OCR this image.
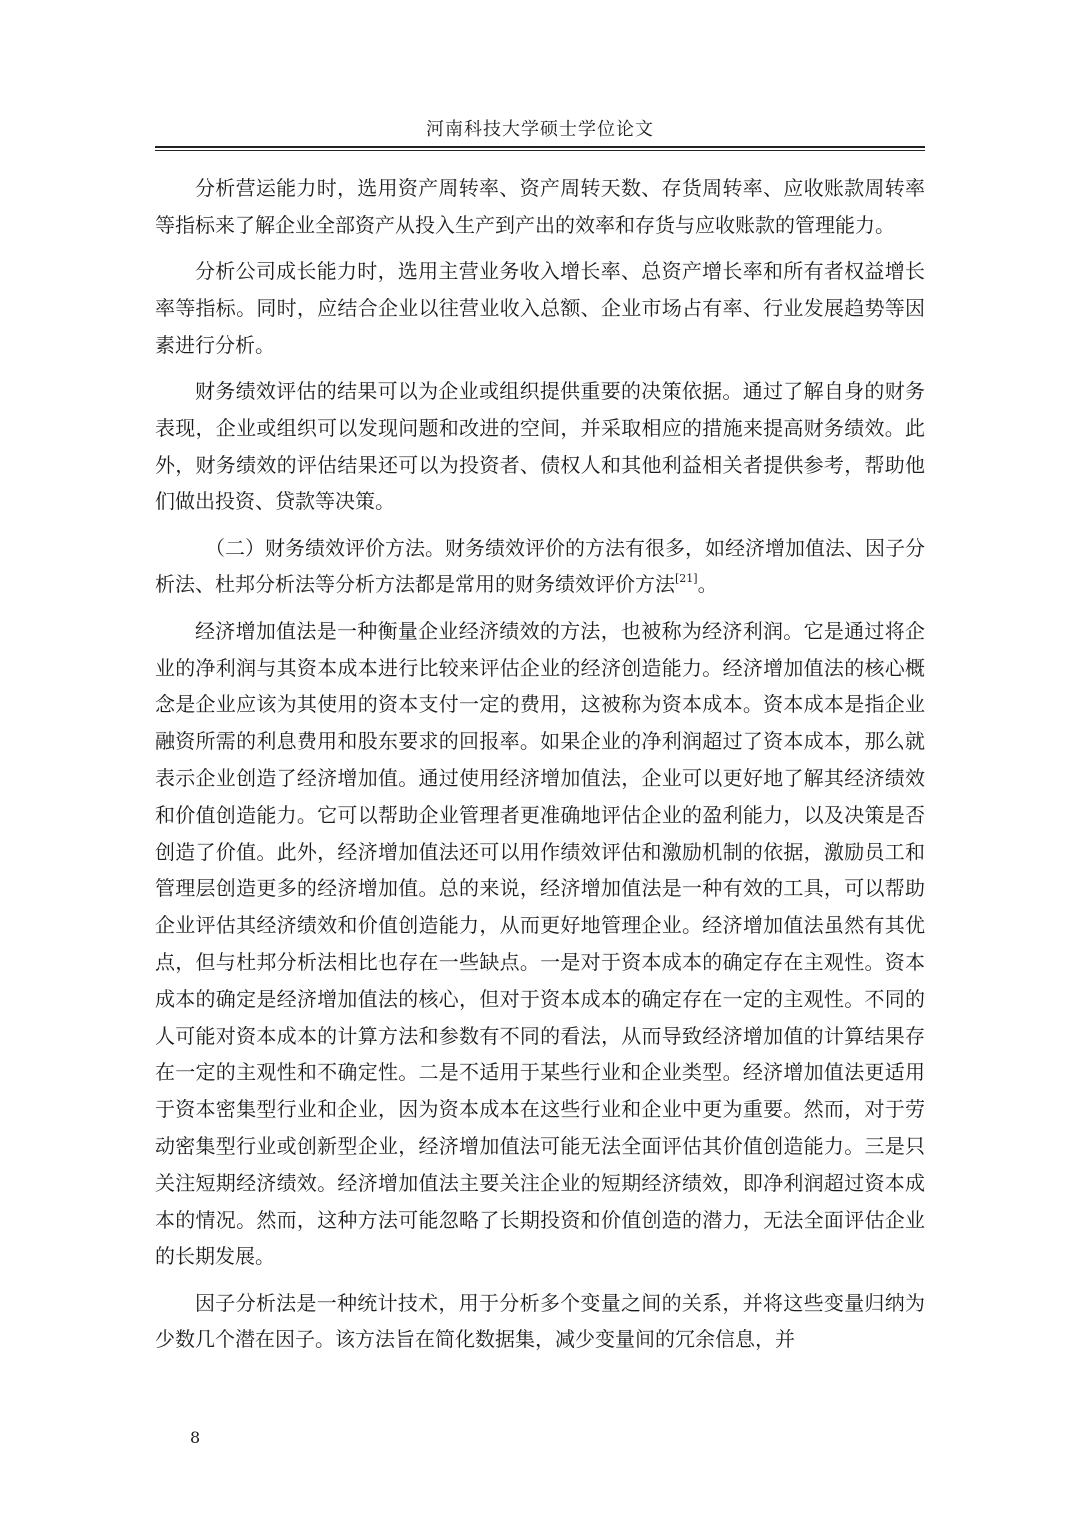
河南科技大学硕士学位论文

分析营运能力时，选用资产周转率、资产周转天数、存货周转率、应收账款周转率等指标来了解企业全部资产从投入生产到产出的效率和存货与应收账款的管理能力。

分析公司成长能力时，选用主营业务收入增长率、总资产增长率和所有者权益增长率等指标。同时，应结合企业以往营业收入总额、企业市场占有率、行业发展趋势等因素进行分析。

财务绩效评估的结果可以为企业或组织提供重要的决策依据。通过了解自身的财务表现，企业或组织可以发现问题和改进的空间，并采取相应的措施来提高财务绩效。此外，财务绩效的评估结果还可以为投资者、债权人和其他利益相关者提供参考，帮助他们做出投资、贷款等决策。

（二）财务绩效评价方法。财务绩效评价的方法有很多，如经济增加值法、因子分析法、杜邦分析法等分析方法都是常用的财务绩效评价方法[21]。

经济增加值法是一种衡量企业经济绩效的方法，也被称为经济利润。它是通过将企业的净利润与其资本成本进行比较来评估企业的经济创造能力。经济增加值法的核心概念是企业应该为其使用的资本支付一定的费用，这被称为资本成本。资本成本是指企业融资所需的利息费用和股东要求的回报率。如果企业的净利润超过了资本成本，那么就表示企业创造了经济增加值。通过使用经济增加值法，企业可以更好地了解其经济绩效和价值创造能力。它可以帮助企业管理者更准确地评估企业的盈利能力，以及决策是否创造了价值。此外，经济增加值法还可以用作绩效评估和激励机制的依据，激励员工和管理层创造更多的经济增加值。总的来说，经济增加值法是一种有效的工具，可以帮助企业评估其经济绩效和价值创造能力，从而更好地管理企业。经济增加值法虽然有其优点，但与杜邦分析法相比也存在一些缺点。一是对于资本成本的确定存在主观性。资本成本的确定是经济增加值法的核心，但对于资本成本的确定存在一定的主观性。不同的人可能对资本成本的计算方法和参数有不同的看法，从而导致经济增加值的计算结果存在一定的主观性和不确定性。二是不适用于某些行业和企业类型。经济增加值法更适用于资本密集型行业和企业，因为资本成本在这些行业和企业中更为重要。然而，对于劳动密集型行业或创新型企业，经济增加值法可能无法全面评估其价值创造能力。三是只关注短期经济绩效。经济增加值法主要关注企业的短期经济绩效，即净利润超过资本成本的情况。然而，这种方法可能忽略了长期投资和价值创造的潜力，无法全面评估企业的长期发展。

因子分析法是一种统计技术，用于分析多个变量之间的关系，并将这些变量归纳为少数几个潜在因子。该方法旨在简化数据集，减少变量间的冗余信息，并

8
